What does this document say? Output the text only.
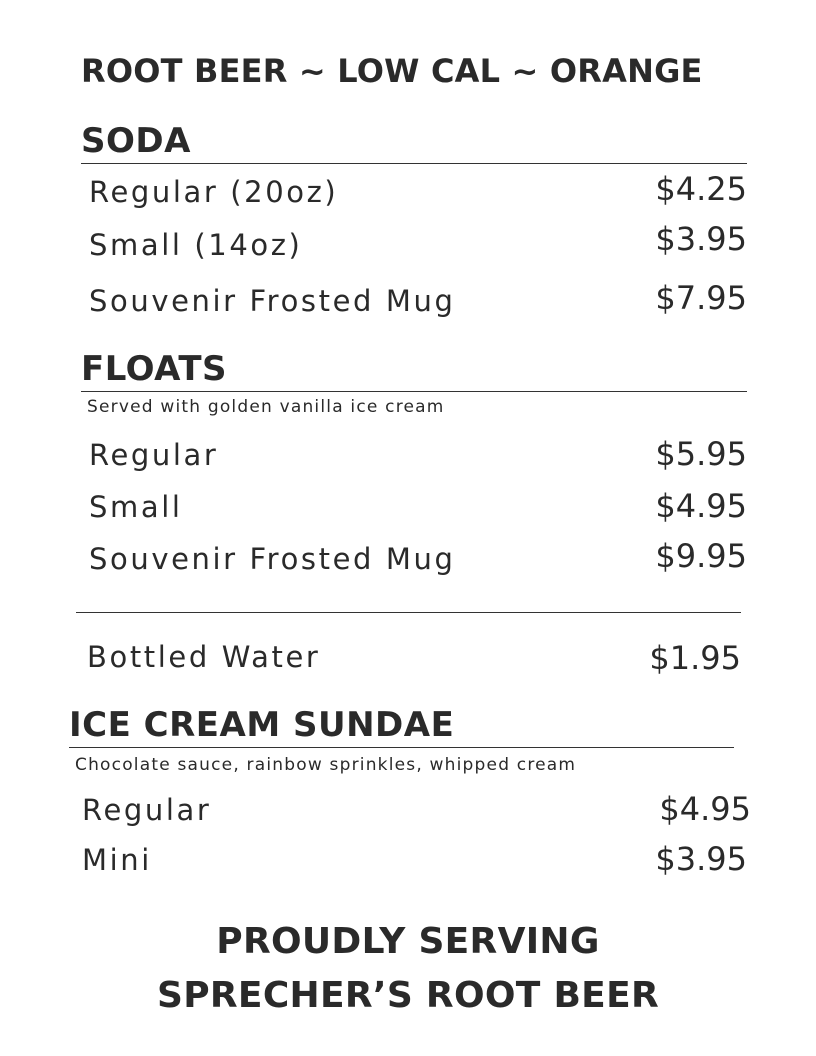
ROOT BEER ~ LOW CAL ~ ORANGE
SODA
Regular (20oz)	$4.25
Small (14oz)	$3.95
Souvenir Frosted Mug	$7.95
FLOATS
Served with golden vanilla ice cream
Regular	$5.95
Small	$4.95
Souvenir Frosted Mug	$9.95
Bottled Water	$1.95
ICE CREAM SUNDAE
Chocolate sauce, rainbow sprinkles, whipped cream
Regular	$4.95
Mini	$3.95
PROUDLY SERVING
SPRECHER’S ROOT BEER
